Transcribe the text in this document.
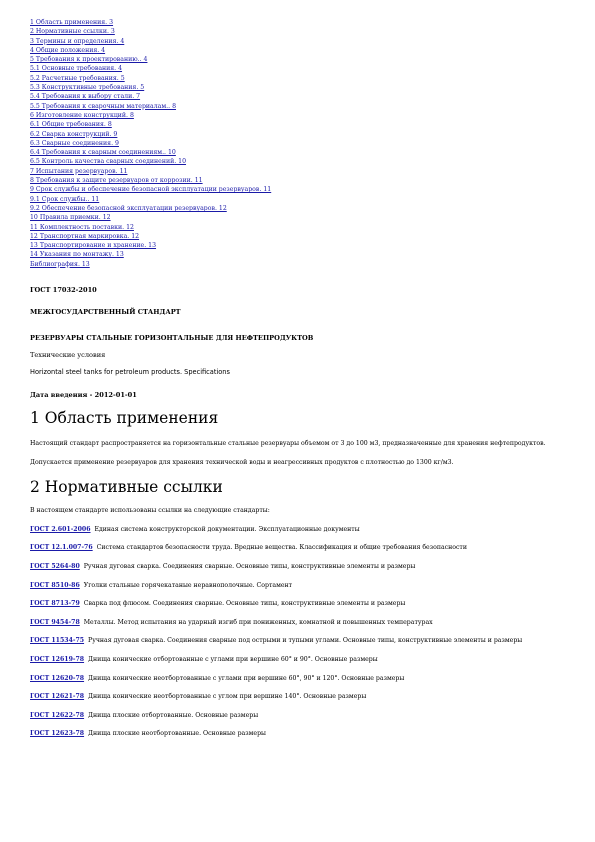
1 Область применения. 3
2 Нормативные ссылки. 3
3 Термины и определения. 4
4 Общие положения. 4
5 Требования к проектированию.. 4
5.1 Основные требования. 4
5.2 Расчетные требования. 5
5.3 Конструктивные требования. 5
5.4 Требования к выбору стали. 7
5.5 Требования к сварочным материалам.. 8
6 Изготовление конструкций. 8
6.1 Общие требования. 8
6.2 Сварка конструкций. 9
6.3 Сварные соединения. 9
6.4 Требования к сварным соединениям.. 10
6.5 Контроль качества сварных соединений. 10
7 Испытания резервуаров. 11
8 Требования к защите резервуаров от коррозии. 11
9 Срок службы и обеспечение безопасной эксплуатации резервуаров. 11
9.1 Срок службы.. 11
9.2 Обеспечение безопасной эксплуатации резервуаров. 12
10 Правила приемки. 12
11 Комплектность поставки. 12
12 Транспортная маркировка. 12
13 Транспортирование и хранение. 13
14 Указания по монтажу. 13
Библиография. 13

ГОСТ 17032-2010

МЕЖГОСУДАРСТВЕННЫЙ СТАНДАРТ

РЕЗЕРВУАРЫ СТАЛЬНЫЕ ГОРИЗОНТАЛЬНЫЕ ДЛЯ НЕФТЕПРОДУКТОВ

Технические условия

Horizontal steel tanks for petroleum products. Specifications

Дата введения - 2012-01-01

1 Область применения

Настоящий стандарт распространяется на горизонтальные стальные резервуары объемом от 3 до 100 м3, предназначенные для хранения нефтепродуктов.

Допускается применение резервуаров для хранения технической воды и неагрессивных продуктов с плотностью до 1300 кг/м3.

2 Нормативные ссылки

В настоящем стандарте использованы ссылки на следующие стандарты:

ГОСТ 2.601-2006 Единая система конструкторской документации. Эксплуатационные документы
ГОСТ 12.1.007-76 Система стандартов безопасности труда. Вредные вещества. Классификация и общие требования безопасности
ГОСТ 5264-80 Ручная дуговая сварка. Соединения сварные. Основные типы, конструктивные элементы и размеры
ГОСТ 8510-86 Уголки стальные горячекатаные неравнополочные. Сортамент
ГОСТ 8713-79 Сварка под флюсом. Соединения сварные. Основные типы, конструктивные элементы и размеры
ГОСТ 9454-78 Металлы. Метод испытания на ударный изгиб при пониженных, комнатной и повышенных температурах
ГОСТ 11534-75 Ручная дуговая сварка. Соединения сварные под острыми и тупыми углами. Основные типы, конструктивные элементы и размеры
ГОСТ 12619-78 Днища конические отбортованные с углами при вершине 60° и 90°. Основные размеры
ГОСТ 12620-78 Днища конические неотбортованные с углами при вершине 60°, 90° и 120°. Основные размеры
ГОСТ 12621-78 Днища конические неотбортованные с углом при вершине 140°. Основные размеры
ГОСТ 12622-78 Днища плоские отбортованные. Основные размеры
ГОСТ 12623-78 Днища плоские неотбортованные. Основные размеры
